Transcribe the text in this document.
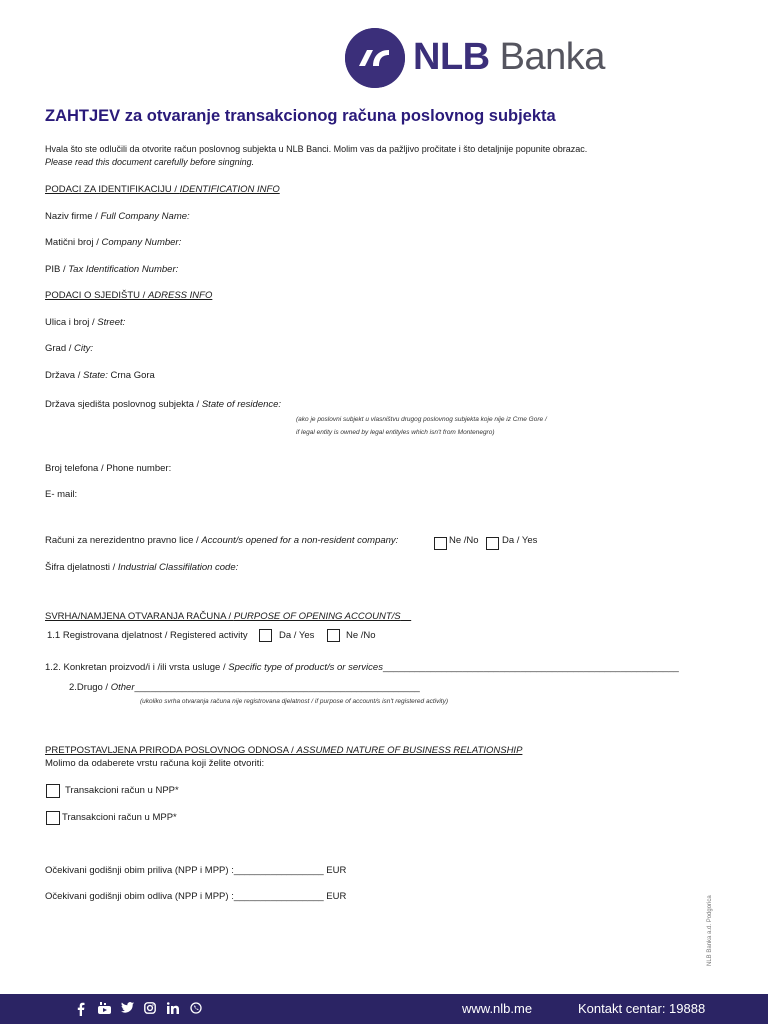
NLB Banka
ZAHTJEV za otvaranje transakcionog računa poslovnog subjekta
Hvala što ste odlučili da otvorite račun poslovnog subjekta u NLB Banci. Molim vas da pažljivo pročitate i što detaljnije popunite obrazac.
Please read this document carefully before singning.
PODACI ZA IDENTIFIKACIJU / IDENTIFICATION INFO
Naziv firme / Full Company Name:
Matični broj / Company Number:
PIB / Tax Identification Number:
PODACI O SJEDIŠTU / ADRESS INFO
Ulica i broj / Street:
Grad / City:
Država / State: Crna Gora
Država sjedišta poslovnog subjekta / State of residence:
(ako je poslovni subjekt u vlasništvu drugog poslovnog subjekta koje nije iz Crne Gore /
if legal entity is owned by legal entityles which isn't from Montenegro)
Broj telefona / Phone number:
E- mail:
Računi za nerezidentno pravno lice / Account/s opened for a non-resident company:	Ne /No Da / Yes
Šifra djelatnosti / Industrial Classifilation code:
SVRHA/NAMJENA OTVARANJA RAČUNA / PURPOSE OF OPENING ACCOUNT/S
1.1 Registrovana djelatnost / Registered activity	Da / Yes	Ne /No
1.2. Konkretan proizvod/i i /ili vrsta usluge / Specific type of product/s or services________________________________________________________
2.Drugo / Other______________________________________________________
(ukoliko svrha otvaranja računa nije registrovana djelatnost / if purpose of account/s isn't registered activity)
PRETPOSTAVLJENA PRIRODA POSLOVNOG ODNOSA / ASSUMED NATURE OF BUSINESS RELATIONSHIP
Molimo da odaberete vrstu računa koji želite otvoriti:
Transakcioni račun u NPP*
Transakcioni račun u MPP*
Očekivani godišnji obim priliva (NPP i MPP) :_________________ EUR
Očekivani godišnji obim odliva (NPP i MPP) :_________________ EUR	NLB Banka a.d. Podgorica
www.nlb.me	Kontakt centar: 19888
